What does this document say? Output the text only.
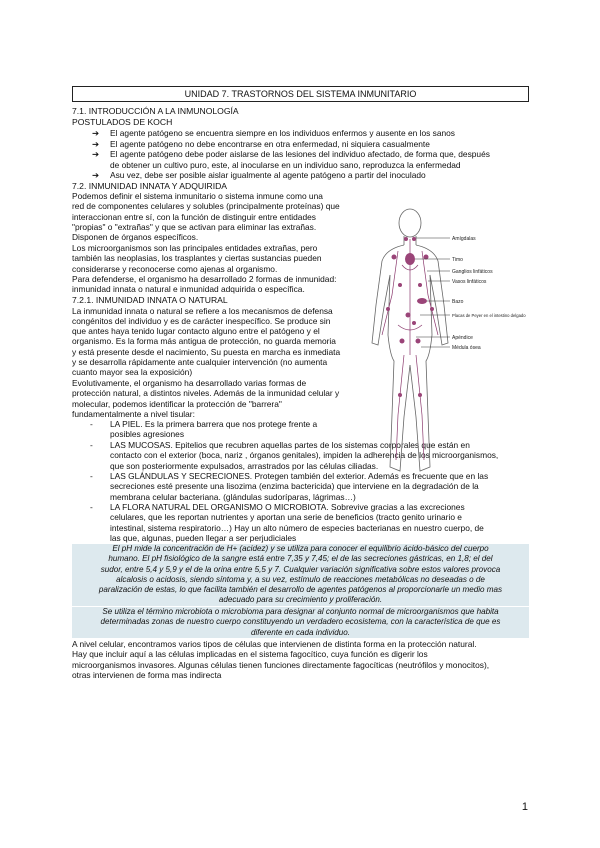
UNIDAD 7. TRASTORNOS DEL SISTEMA INMUNITARIO
7.1. INTRODUCCIÓN A LA INMUNOLOGÍA
POSTULADOS DE KOCH
➔ El agente patógeno se encuentra siempre en los individuos enfermos y ausente en los sanos
➔ El agente patógeno no debe encontrarse en otra enfermedad, ni siquiera casualmente
➔ El agente patógeno debe poder aislarse de las lesiones del individuo afectado, de forma que, después
de obtener un cultivo puro, este, al inocularse en un individuo sano, reproduzca la enfermedad
➔ Asu vez, debe ser posible aislar igualmente al agente patógeno a partir del inoculado
7.2. INMUNIDAD INNATA Y ADQUIRIDA
Podemos definir el sistema inmunitario o sistema inmune como una
red de componentes celulares y solubles (principalmente proteínas) que
interaccionan entre sí, con la función de distinguir entre entidades
"propias" o "extrañas" y que se activan para eliminar las extrañas.
Disponen de órganos específicos.
Los microorganismos son las principales entidades extrañas, pero
también las neoplasias, los trasplantes y ciertas sustancias pueden
considerarse y reconocerse como ajenas al organismo.
Para defenderse, el organismo ha desarrollado 2 formas de inmunidad:
inmunidad innata o natural e inmunidad adquirida o específica.
7.2.1. INMUNIDAD INNATA O NATURAL
La inmunidad innata o natural se refiere a los mecanismos de defensa
congénitos del individuo y es de carácter inespecífico. Se produce sin
que antes haya tenido lugar contacto alguno entre el patógeno y el
organismo. Es la forma más antigua de protección, no guarda memoria
y está presente desde el nacimiento, Su puesta en marcha es inmediata
y se desarrolla rápidamente ante cualquier intervención (no aumenta
cuanto mayor sea la exposición)
Evolutivamente, el organismo ha desarrollado varias formas de
protección natural, a distintos niveles. Además de la inmunidad celular y
molecular, podemos identificar la protección de "barrera"
fundamentalmente a nivel tisular:
- LA PIEL. Es la primera barrera que nos protege frente a
posibles agresiones
- LAS MUCOSAS. Epitelios que recubren aquellas partes de los sistemas corporales que están en
contacto con el exterior (boca, nariz , órganos genitales), impiden la adherencia de los microorganismos,
que son posteriormente expulsados, arrastrados por las células ciliadas.
- LAS GLÁNDULAS Y SECRECIONES. Protegen también del exterior. Además es frecuente que en las
secreciones esté presente una lisozima (enzima bactericida) que interviene en la degradación de la
membrana celular bacteriana. (glándulas sudoríparas, lágrimas…)
- LA FLORA NATURAL DEL ORGANISMO O MICROBIOTA. Sobrevive gracias a las excreciones
celulares, que les reportan nutrientes y aportan una serie de beneficios (tracto genito urinario e
intestinal, sistema respiratorio…) Hay un alto número de especies bacterianas en nuestro cuerpo, de
las que, algunas, pueden llegar a ser perjudiciales
El pH mide la concentración de H+ (acidez) y se utiliza para conocer el equilibrio ácido-básico del cuerpo
humano. El pH fisiológico de la sangre está entre 7,35 y 7,45; el de las secreciones gástricas, en 1,8; el del
sudor, entre 5,4 y 5,9 y el de la orina entre 5,5 y 7. Cualquier variación significativa sobre estos valores provoca
alcalosis o acidosis, siendo síntoma y, a su vez, estímulo de reacciones metabólicas no deseadas o de
paralización de estas, lo que facilita también el desarrollo de agentes patógenos al proporcionarle un medio mas
adecuado para su crecimiento y proliferación.
Se utiliza el término microbiota o microbioma para designar al conjunto normal de microorganismos que habita
determinadas zonas de nuestro cuerpo constituyendo un verdadero ecosistema, con la característica de que es
diferente en cada individuo.
A nivel celular, encontramos varios tipos de células que intervienen de distinta forma en la protección natural.
Hay que incluir aquí a las células implicadas en el sistema fagocítico, cuya función es digerir los
microorganismos invasores. Algunas células tienen funciones directamente fagocíticas (neutrófilos y monocitos),
otras intervienen de forma mas indirecta
Amígdalas
Timo
Ganglios linfáticos
Vasos linfáticos
Bazo
Placas de Peyer en el intestino delgado
Apéndice
Médula ósea
1
